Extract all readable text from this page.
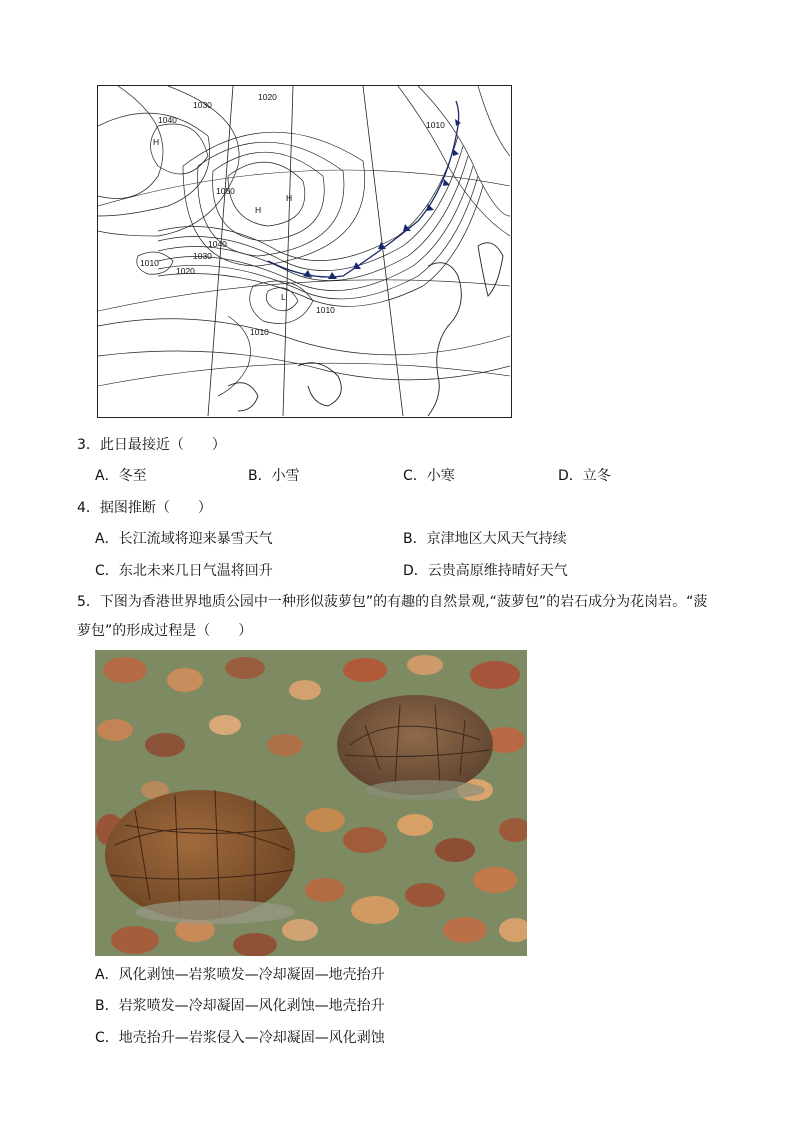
1020
1030
1040
H
1050
H
H
1010
1040
1030
1020
1010
L
1010
1010
3．此日最接近（　　）
A．冬至	B．小雪	C．小寒	D．立冬
4．据图推断（　　）
A．长江流域将迎来暴雪天气	B．京津地区大风天气持续
C．东北未来几日气温将回升	D．云贵高原维持晴好天气
5．下图为香港世界地质公园中一种形似菠萝包”的有趣的自然景观,“菠萝包”的岩石成分为花岗岩。“菠
萝包”的形成过程是（　　）
A．风化剥蚀—岩浆喷发—冷却凝固—地壳抬升
B．岩浆喷发—冷却凝固—风化剥蚀—地壳抬升
C．地壳抬升—岩浆侵入—冷却凝固—风化剥蚀
